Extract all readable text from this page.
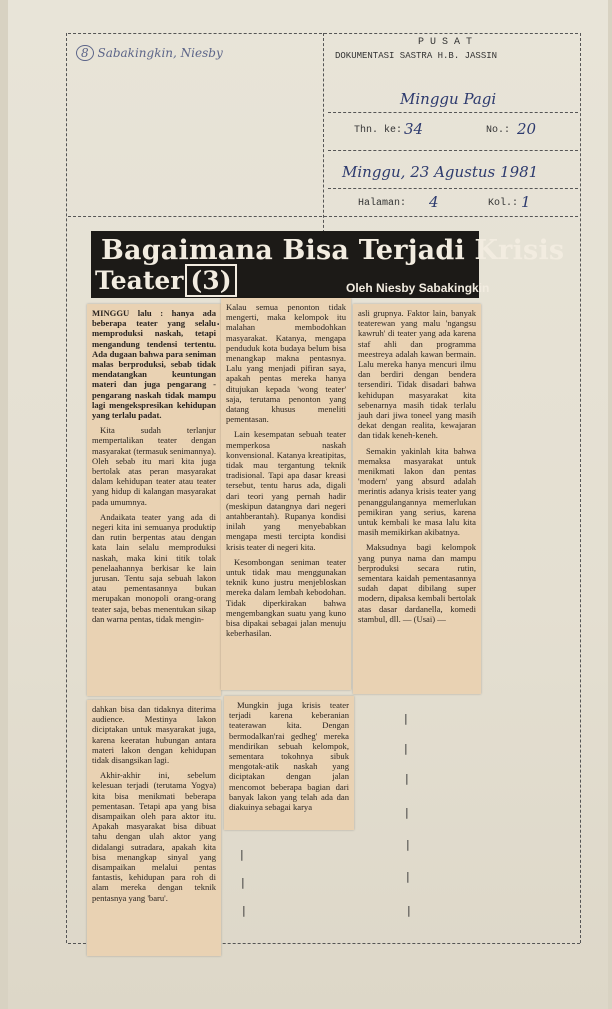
8 Sabakingkin, Niesby
P U S A T
DOKUMENTASI SASTRA H.B. JASSIN
Minggu Pagi
Thn. ke: 34	No.: 20
Minggu, 23 Agustus 1981
Halaman: 4	Kol.: 1
Bagaimana Bisa Terjadi Krisis
Teater (3)	Oleh Niesby Sabakingkin

MINGGU lalu : hanya ada beberapa teater yang selalu memproduksi naskah, tetapi mengandung tendensi tertentu. Ada dugaan bahwa para seniman malas berproduksi, sebab tidak mendatangkan keuntungan materi dan juga pengarang - pengarang naskah tidak mampu lagi mengekspresikan kehidupan yang terlalu padat.

Kita sudah terlanjur mempertalikan teater dengan masyarakat (termasuk senimannya). Oleh sebab itu mari kita juga bertolak atas peran masyarakat dalam kehidupan teater atau teater yang hidup di kalangan masyarakat pada umumnya.

Andaikata teater yang ada di negeri kita ini semuanya produktip dan rutin berpentas atau dengan kata lain selalu memproduksi naskah, maka kini titik tolak penelaahannya berkisar ke lain jurusan. Tentu saja sebuah lakon atau pementasannya bukan merupakan monopoli orang-orang teater saja, bebas menentukan sikap dan warna pentas, tidak mengin-

Kalau semua penonton tidak mengerti, maka kelompok itu malahan membodohkan masyarakat. Katanya, mengapa penduduk kota budaya belum bisa menangkap makna pentasnya. Lalu yang menjadi pifiran saya, apakah pentas mereka hanya ditujukan kepada 'wong teater' saja, terutama penonton yang datang khusus meneliti pementasan.

Lain kesempatan sebuah teater memperkosa naskah konvensional. Katanya kreatipitas, tidak mau tergantung teknik tradisional. Tapi apa dasar kreasi tersebut, tentu harus ada, digali dari teori yang pernah hadir (meskipun datangnya dari negeri antahberantah). Rupanya kondisi inilah yang menyebabkan mengapa mesti tercipta kondisi krisis teater di negeri kita.

Kesombongan seniman teater untuk tidak mau menggunakan teknik kuno justru menjebloskan mereka dalam lembah kebodohan. Tidak diperkirakan bahwa mengembangkan suatu yang kuno bisa dipakai sebagai jalan menuju keberhasilan.

asli grupnya. Faktor lain, banyak teaterewan yang malu 'ngangsu kawruh' di teater yang ada karena staf ahli dan programma meestreya adalah kawan bermain. Lalu mereka hanya mencuri ilmu dan berdiri dengan bendera tersendiri. Tidak disadari bahwa kehidupan masyarakat kita sebenarnya masih tidak terlalu jauh dari jiwa toneel yang masih dekat dengan realita, kewajaran dan tidak keneh-keneh.

Semakin yakinlah kita bahwa memaksa masyarakat untuk menikmati lakon dan pentas 'modern' yang absurd adalah merintis adanya krisis teater yang penanggulangannya memerlukan pemikiran yang serius, karena untuk kembali ke masa lalu kita masih memikirkan akibatnya.

Maksudnya bagi kelompok yang punya nama dan mampu berproduksi secara rutin, sementara kaidah pementasannya sudah dapat dibilang super modern, dipaksa kembali bertolak atas dasar dardanella, komedi stambul, dll. — (Usai) —

dahkan bisa dan tidaknya diterima audience. Mestinya lakon diciptakan untuk masyarakat juga, karena keeratan hubungan antara materi lakon dengan kehidupan tidak disangsikan lagi.

Akhir-akhir ini, sebelum kelesuan terjadi (terutama Yogya) kita bisa menikmati beberapa pementasan. Tetapi apa yang bisa disampaikan oleh para aktor itu. Apakah masyarakat bisa dibuat tahu dengan ulah aktor yang didalangi sutradara, apakah kita bisa menangkap sinyal yang disampaikan melalui pentas fantastis, kehidupan para roh di alam mereka dengan teknik pentasnya yang 'baru'.

Mungkin juga krisis teater terjadi karena keberanian teaterawan kita. Dengan bermodalkan'rai gedheg' mereka mendirikan sebuah kelompok, sementara tokohnya sibuk mengotak-atik naskah yang diciptakan dengan jalan mencomot beberapa bagian dari banyak lakon yang telah ada dan diakuinya sebagai karya

|
|
|
|
|
|
|
|
|
|
.
